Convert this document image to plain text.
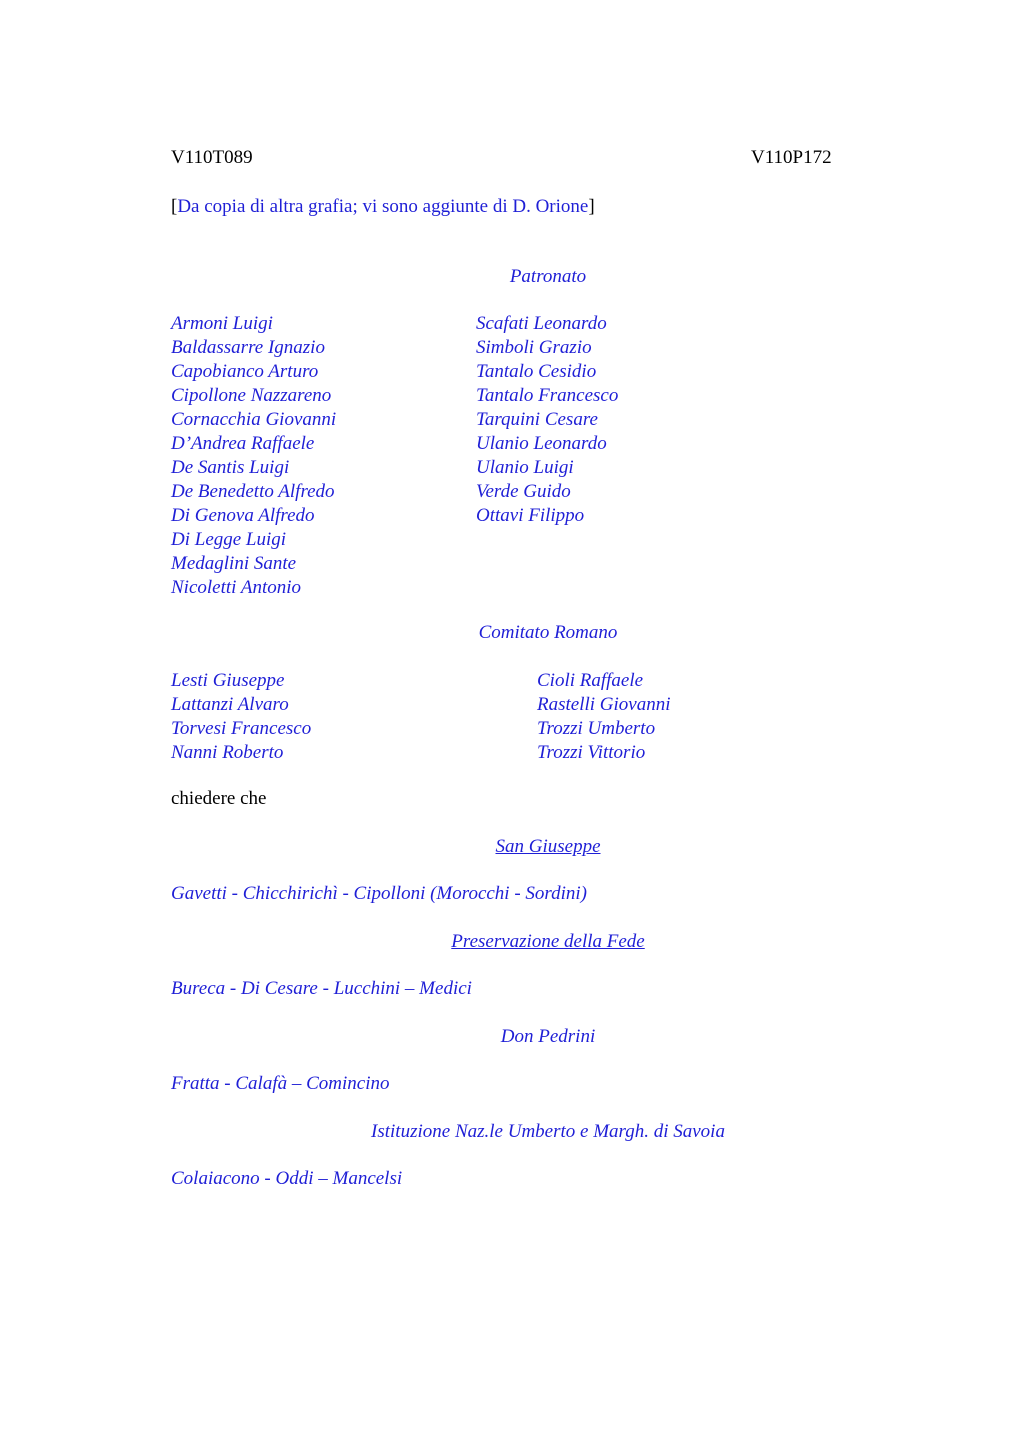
V110T089	V110P172
[Da copia di altra grafia; vi sono aggiunte di D. Orione]
Patronato
Armoni Luigi
Baldassarre Ignazio
Capobianco Arturo
Cipollone Nazzareno
Cornacchia Giovanni
D’Andrea Raffaele
De Santis Luigi
De Benedetto Alfredo
Di Genova Alfredo
Di Legge Luigi
Medaglini Sante
Nicoletti Antonio
Scafati Leonardo
Simboli Grazio
Tantalo Cesidio
Tantalo Francesco
Tarquini Cesare
Ulanio Leonardo
Ulanio Luigi
Verde Guido
Ottavi Filippo
Comitato Romano
Lesti Giuseppe
Lattanzi Alvaro
Torvesi Francesco
Nanni Roberto
Cioli Raffaele
Rastelli Giovanni
Trozzi Umberto
Trozzi Vittorio
chiedere che
San Giuseppe
Gavetti - Chicchirichì - Cipolloni (Morocchi - Sordini)
Preservazione della Fede
Bureca - Di Cesare - Lucchini – Medici
Don Pedrini
Fratta - Calafà – Comincino
Istituzione Naz.le Umberto e Margh. di Savoia
Colaiacono - Oddi – Mancelsi
